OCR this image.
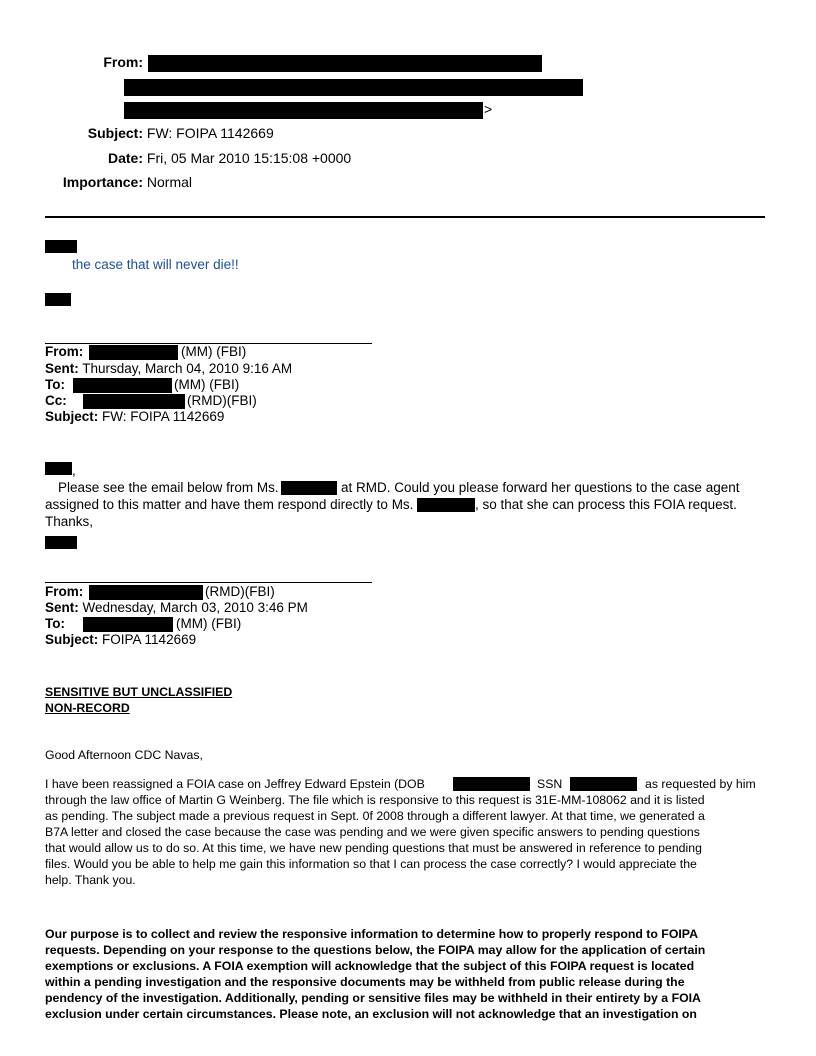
From:
>
Subject: FW: FOIPA 1142669
Date: Fri, 05 Mar 2010 15:15:08 +0000
Importance: Normal
the case that will never die!!
From:	(MM) (FBI)
Sent: Thursday, March 04, 2010 9:16 AM
To:	(MM) (FBI)
Cc:	(RMD)(FBI)
Subject: FW: FOIPA 1142669
,
Please see the email below from Ms.	at RMD. Could you please forward her questions to the case agent
assigned to this matter and have them respond directly to Ms.	, so that she can process this FOIA request.
Thanks,
From:	(RMD)(FBI)
Sent: Wednesday, March 03, 2010 3:46 PM
To:	(MM) (FBI)
Subject: FOIPA 1142669
SENSITIVE BUT UNCLASSIFIED
NON-RECORD
Good Afternoon CDC Navas,
I have been reassigned a FOIA case on Jeffrey Edward Epstein (DOB	SSN	as requested by him
through the law office of Martin G Weinberg. The file which is responsive to this request is 31E-MM-108062 and it is listed
as pending. The subject made a previous request in Sept. 0f 2008 through a different lawyer. At that time, we generated a
B7A letter and closed the case because the case was pending and we were given specific answers to pending questions
that would allow us to do so. At this time, we have new pending questions that must be answered in reference to pending
files. Would you be able to help me gain this information so that I can process the case correctly? I would appreciate the
help. Thank you.
Our purpose is to collect and review the responsive information to determine how to properly respond to FOIPA
requests. Depending on your response to the questions below, the FOIPA may allow for the application of certain
exemptions or exclusions. A FOIA exemption will acknowledge that the subject of this FOIPA request is located
within a pending investigation and the responsive documents may be withheld from public release during the
pendency of the investigation. Additionally, pending or sensitive files may be withheld in their entirety by a FOIA
exclusion under certain circumstances. Please note, an exclusion will not acknowledge that an investigation on
